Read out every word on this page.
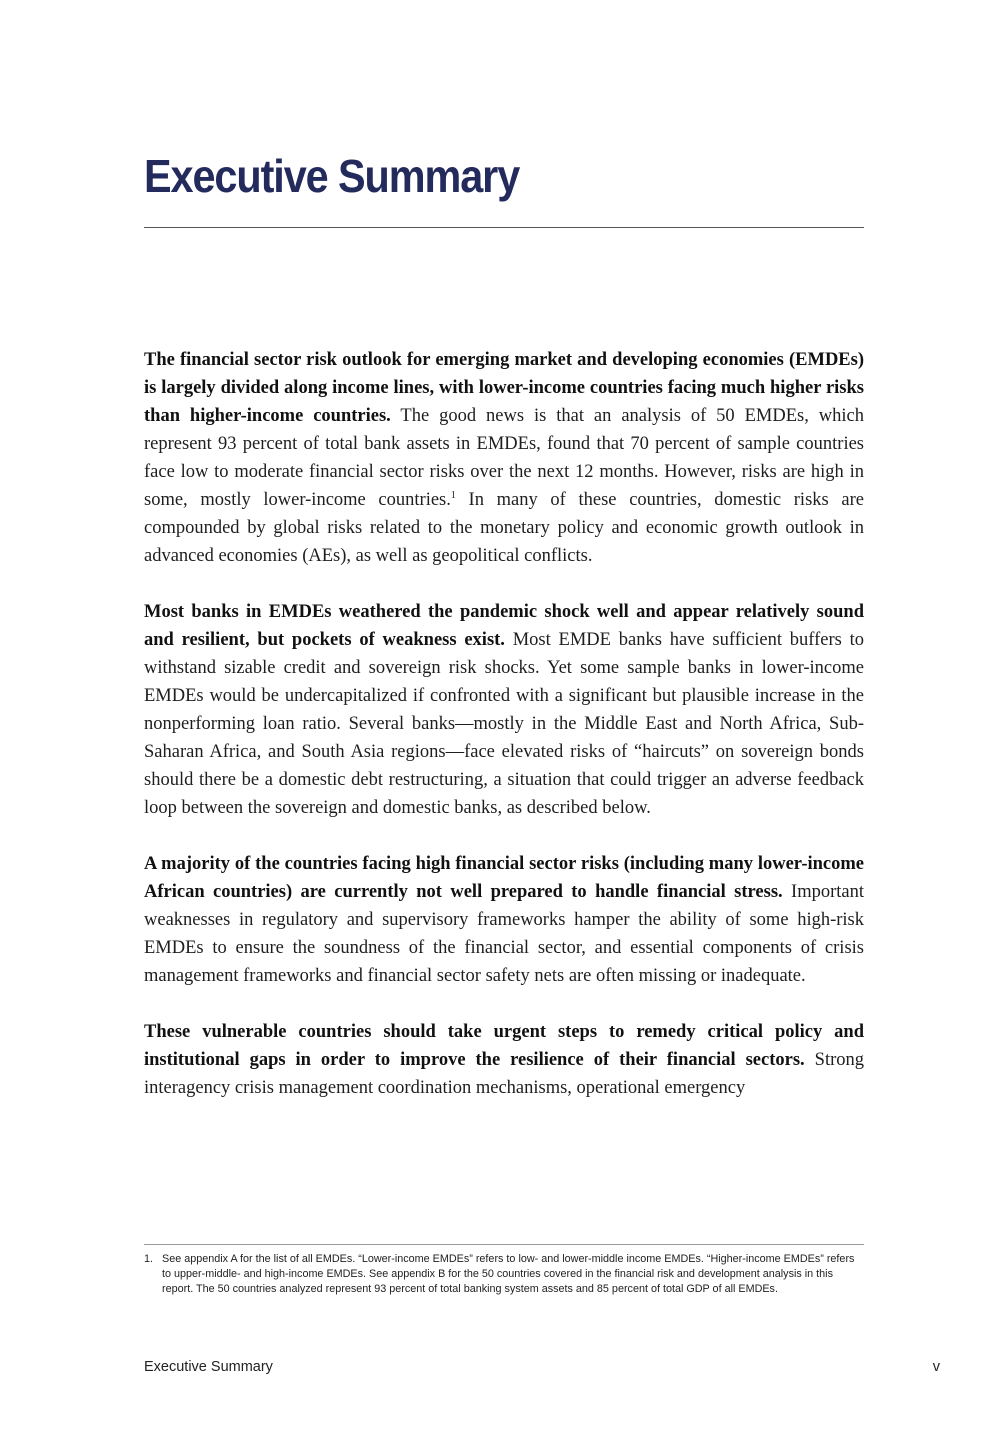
Executive Summary

The financial sector risk outlook for emerging market and developing economies (EMDEs) is largely divided along income lines, with lower-income countries facing much higher risks than higher-income countries. The good news is that an analysis of 50 EMDEs, which represent 93 percent of total bank assets in EMDEs, found that 70 percent of sample countries face low to moderate financial sector risks over the next 12 months. However, risks are high in some, mostly lower-income countries.$^1$ In many of these countries, domestic risks are compounded by global risks related to the monetary policy and economic growth outlook in advanced economies (AEs), as well as geopolitical conflicts.

Most banks in EMDEs weathered the pandemic shock well and appear relatively sound and resilient, but pockets of weakness exist. Most EMDE banks have sufficient buffers to withstand sizable credit and sovereign risk shocks. Yet some sample banks in lower-income EMDEs would be undercapitalized if confronted with a significant but plausible increase in the nonperforming loan ratio. Several banks—mostly in the Middle East and North Africa, Sub-Saharan Africa, and South Asia regions—face elevated risks of “haircuts” on sovereign bonds should there be a domestic debt restructuring, a situation that could trigger an adverse feedback loop between the sovereign and domestic banks, as described below.

A majority of the countries facing high financial sector risks (including many lower-income African countries) are currently not well prepared to handle financial stress. Important weaknesses in regulatory and supervisory frameworks hamper the ability of some high-risk EMDEs to ensure the soundness of the financial sector, and essential components of crisis management frameworks and financial sector safety nets are often missing or inadequate.

These vulnerable countries should take urgent steps to remedy critical policy and institutional gaps in order to improve the resilience of their financial sectors. Strong interagency crisis management coordination mechanisms, operational emergency

1. See appendix A for the list of all EMDEs. “Lower-income EMDEs” refers to low- and lower-middle income EMDEs. “Higher-income EMDEs” refers to upper-middle- and high-income EMDEs. See appendix B for the 50 countries covered in the financial risk and development analysis in this report. The 50 countries analyzed represent 93 percent of total banking system assets and 85 percent of total GDP of all EMDEs.
Executive Summary	v
